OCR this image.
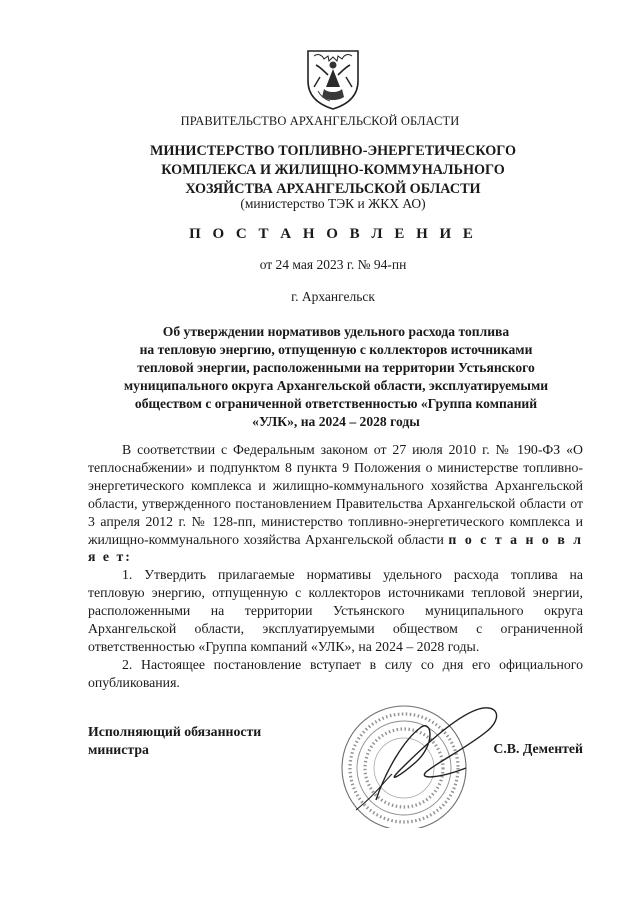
ПРАВИТЕЛЬСТВО АРХАНГЕЛЬСКОЙ ОБЛАСТИ
МИНИСТЕРСТВО ТОПЛИВНО-ЭНЕРГЕТИЧЕСКОГО
КОМПЛЕКСА И ЖИЛИЩНО-КОММУНАЛЬНОГО
ХОЗЯЙСТВА АРХАНГЕЛЬСКОЙ ОБЛАСТИ
(министерство ТЭК и ЖКХ АО)
П О С Т А Н О В Л Е Н И Е
от 24 мая 2023 г. № 94-пн
г. Архангельск
Об утверждении нормативов удельного расхода топлива
на тепловую энергию, отпущенную с коллекторов источниками
тепловой энергии, расположенными на территории Устьянского
муниципального округа Архангельской области, эксплуатируемыми
обществом с ограниченной ответственностью «Группа компаний
«УЛК», на 2024 – 2028 годы

В соответствии с Федеральным законом от 27 июля 2010 г. № 190-ФЗ «О теплоснабжении» и подпунктом 8 пункта 9 Положения о министерстве топливно-энергетического комплекса и жилищно-коммунального хозяйства Архангельской области, утвержденного постановлением Правительства Архангельской области от 3 апреля 2012 г. № 128-пп, министерство топливно-энергетического комплекса и жилищно-коммунального хозяйства Архангельской области п о с т а н о в л я е т:

1. Утвердить прилагаемые нормативы удельного расхода топлива на тепловую энергию, отпущенную с коллекторов источниками тепловой энергии, расположенными на территории Устьянского муниципального округа Архангельской области, эксплуатируемыми обществом с ограниченной ответственностью «Группа компаний «УЛК», на 2024 – 2028 годы.

2. Настоящее постановление вступает в силу со дня его официального опубликования.

Исполняющий обязанности
министра	С.В. Дементей
